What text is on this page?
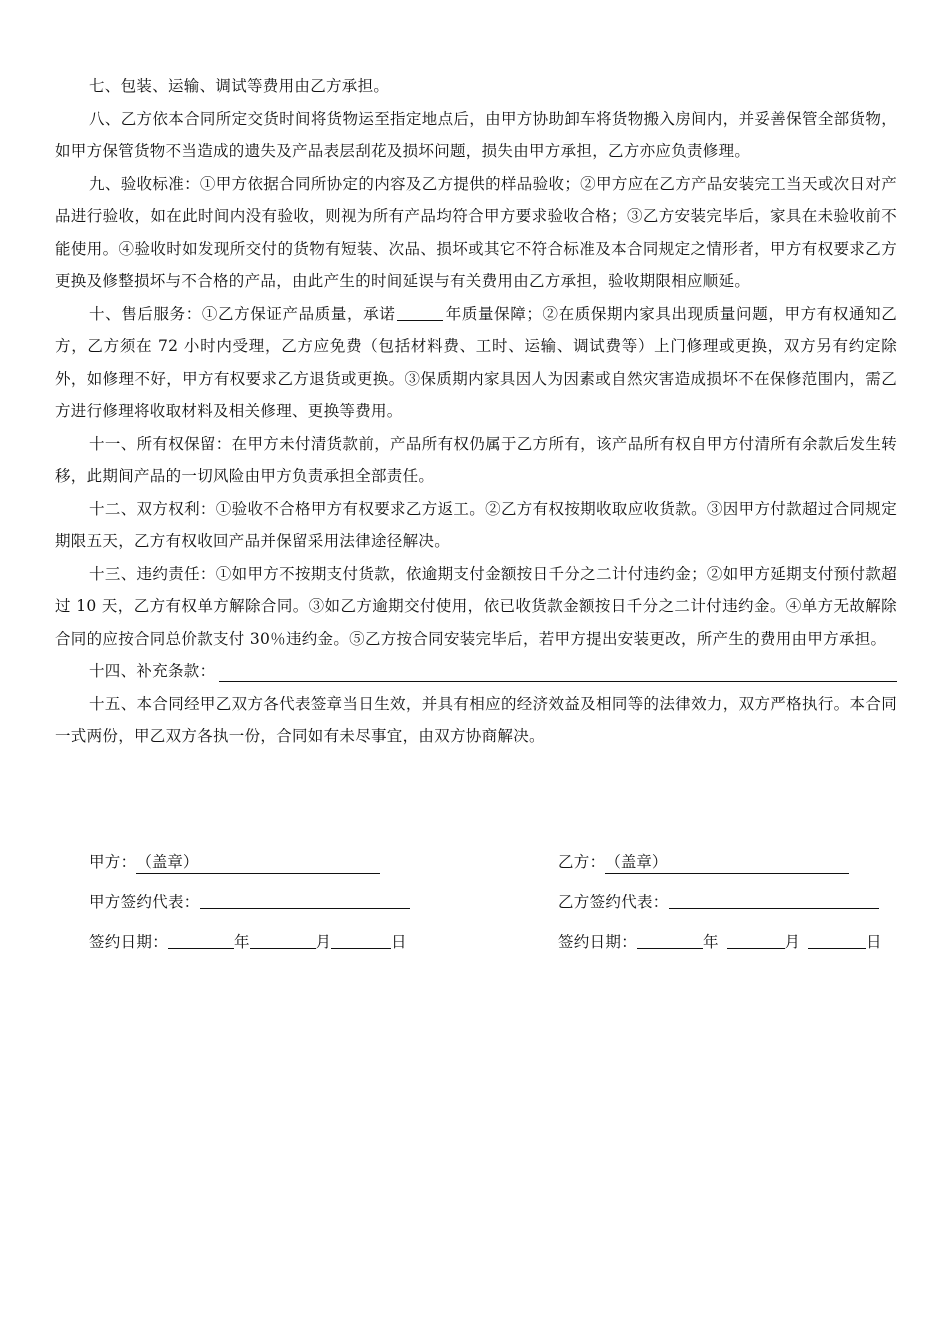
七、包装、运输、调试等费用由乙方承担。

八、乙方依本合同所定交货时间将货物运至指定地点后，由甲方协助卸车将货物搬入房间内，并妥善保管全部货物，如甲方保管货物不当造成的遗失及产品表层刮花及损坏问题，损失由甲方承担，乙方亦应负责修理。

九、验收标准：①甲方依据合同所协定的内容及乙方提供的样品验收；②甲方应在乙方产品安装完工当天或次日对产品进行验收，如在此时间内没有验收，则视为所有产品均符合甲方要求验收合格；③乙方安装完毕后，家具在未验收前不能使用。④验收时如发现所交付的货物有短装、次品、损坏或其它不符合标准及本合同规定之情形者，甲方有权要求乙方更换及修整损坏与不合格的产品，由此产生的时间延误与有关费用由乙方承担，验收期限相应顺延。

十、售后服务：①乙方保证产品质量，承诺	年质量保障；②在质保期内家具出现质量问题，甲方有权通知乙方，乙方须在 72 小时内受理，乙方应免费（包括材料费、工时、运输、调试费等）上门修理或更换，双方另有约定除外，如修理不好，甲方有权要求乙方退货或更换。③保质期内家具因人为因素或自然灾害造成损坏不在保修范围内，需乙方进行修理将收取材料及相关修理、更换等费用。

十一、所有权保留：在甲方未付清货款前，产品所有权仍属于乙方所有，该产品所有权自甲方付清所有余款后发生转移，此期间产品的一切风险由甲方负责承担全部责任。

十二、双方权利：①验收不合格甲方有权要求乙方返工。②乙方有权按期收取应收货款。③因甲方付款超过合同规定期限五天，乙方有权收回产品并保留采用法律途径解决。

十三、违约责任：①如甲方不按期支付货款，依逾期支付金额按日千分之二计付违约金；②如甲方延期支付预付款超过 10 天，乙方有权单方解除合同。③如乙方逾期交付使用，依已收货款金额按日千分之二计付违约金。④单方无故解除合同的应按合同总价款支付 30％违约金。⑤乙方按合同安装完毕后，若甲方提出安装更改，所产生的费用由甲方承担。

十四、补充条款：

十五、本合同经甲乙双方各代表签章当日生效，并具有相应的经济效益及相同等的法律效力，双方严格执行。本合同一式两份，甲乙双方各执一份，合同如有未尽事宜，由双方协商解决。

甲方： （盖章）
甲方签约代表：
签约日期：	年	月	日
乙方： （盖章）
乙方签约代表：
签约日期：	年	月	日
